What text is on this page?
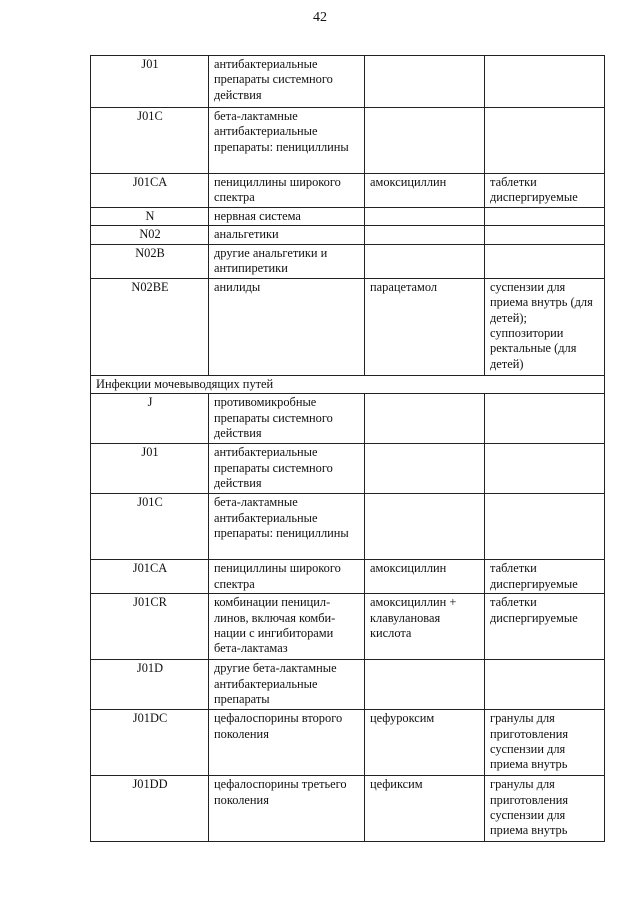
42
J01	антибактериальные препараты системного действия		
J01C	бета-лактамные антибактериальные препараты: пенициллины		
J01CA	пенициллины широкого спектра	амоксициллин	таблетки диспергируемые
N	нервная система		
N02	анальгетики		
N02B	другие анальгетики и антипиретики		
N02BE	анилиды	парацетамол	суспензии для приема внутрь (для детей); суппозитории ректальные (для детей)
Инфекции мочевыводящих путей			
J	противомикробные препараты системного действия		
J01	антибактериальные препараты системного действия		
J01C	бета-лактамные антибактериальные препараты: пенициллины		
J01CA	пенициллины широкого спектра	амоксициллин	таблетки диспергируемые
J01CR	комбинации пеницил-линов, включая комби-нации с ингибиторами бета-лактамаз	амоксициллин + клавулановая кислота	таблетки диспергируемые
J01D	другие бета-лактамные антибактериальные препараты		
J01DC	цефалоспорины второго поколения	цефуроксим	гранулы для приготовления суспензии для приема внутрь
J01DD	цефалоспорины третьего поколения	цефиксим	гранулы для приготовления суспензии для приема внутрь
